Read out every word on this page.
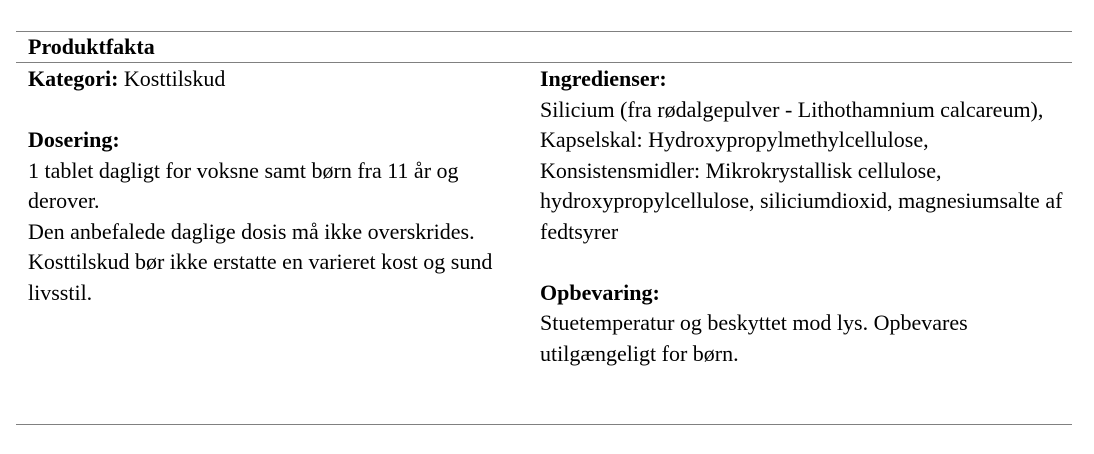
Produktfakta

Kategori: Kosttilskud

Dosering:

1 tablet dagligt for voksne samt børn fra 11 år og derover.

Den anbefalede daglige dosis må ikke overskrides.

Kosttilskud bør ikke erstatte en varieret kost og sund livsstil.

Ingredienser:

Silicium (fra rødalgepulver - Lithothamnium calcareum), Kapselskal: Hydroxypropylmethylcellulose, Konsistensmidler: Mikrokrystallisk cellulose, hydroxypropylcellulose, siliciumdioxid, magnesiumsalte af fedtsyrer

Opbevaring:

Stuetemperatur og beskyttet mod lys. Opbevares utilgængeligt for børn.
